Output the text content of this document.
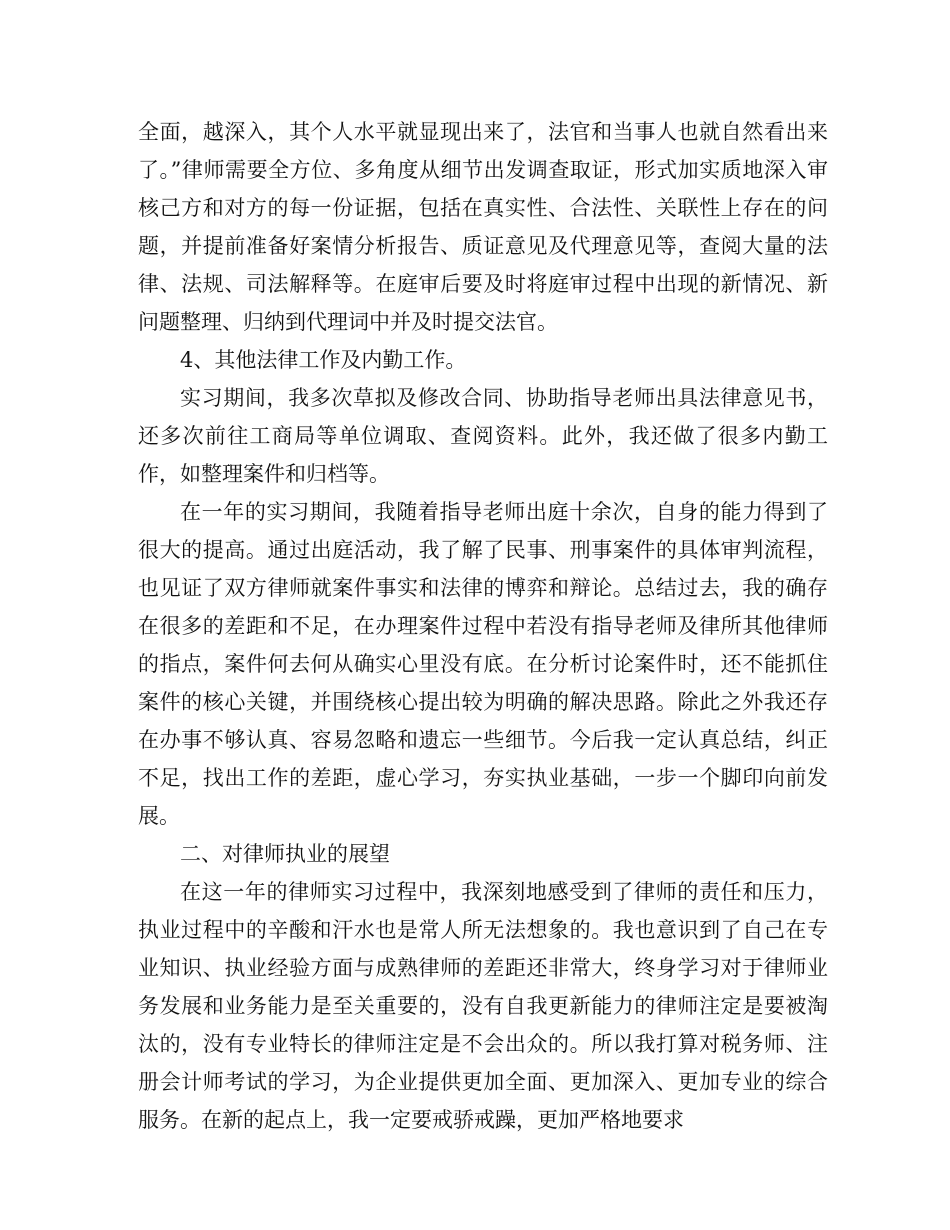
全面，越深入，其个人水平就显现出来了，法官和当事人也就自然看出来了。”律师需要全方位、多角度从细节出发调查取证，形式加实质地深入审核己方和对方的每一份证据，包括在真实性、合法性、关联性上存在的问题，并提前准备好案情分析报告、质证意见及代理意见等，查阅大量的法律、法规、司法解释等。在庭审后要及时将庭审过程中出现的新情况、新问题整理、归纳到代理词中并及时提交法官。

4、其他法律工作及内勤工作。

实习期间，我多次草拟及修改合同、协助指导老师出具法律意见书，还多次前往工商局等单位调取、查阅资料。此外，我还做了很多内勤工作，如整理案件和归档等。

在一年的实习期间，我随着指导老师出庭十余次，自身的能力得到了很大的提高。通过出庭活动，我了解了民事、刑事案件的具体审判流程，也见证了双方律师就案件事实和法律的博弈和辩论。总结过去，我的确存在很多的差距和不足，在办理案件过程中若没有指导老师及律所其他律师的指点，案件何去何从确实心里没有底。在分析讨论案件时，还不能抓住案件的核心关键，并围绕核心提出较为明确的解决思路。除此之外我还存在办事不够认真、容易忽略和遗忘一些细节。今后我一定认真总结，纠正不足，找出工作的差距，虚心学习，夯实执业基础，一步一个脚印向前发展。

二、对律师执业的展望

在这一年的律师实习过程中，我深刻地感受到了律师的责任和压力，执业过程中的辛酸和汗水也是常人所无法想象的。我也意识到了自己在专业知识、执业经验方面与成熟律师的差距还非常大，终身学习对于律师业务发展和业务能力是至关重要的，没有自我更新能力的律师注定是要被淘汰的，没有专业特长的律师注定是不会出众的。所以我打算对税务师、注册会计师考试的学习，为企业提供更加全面、更加深入、更加专业的综合服务。在新的起点上，我一定要戒骄戒躁，更加严格地要求
